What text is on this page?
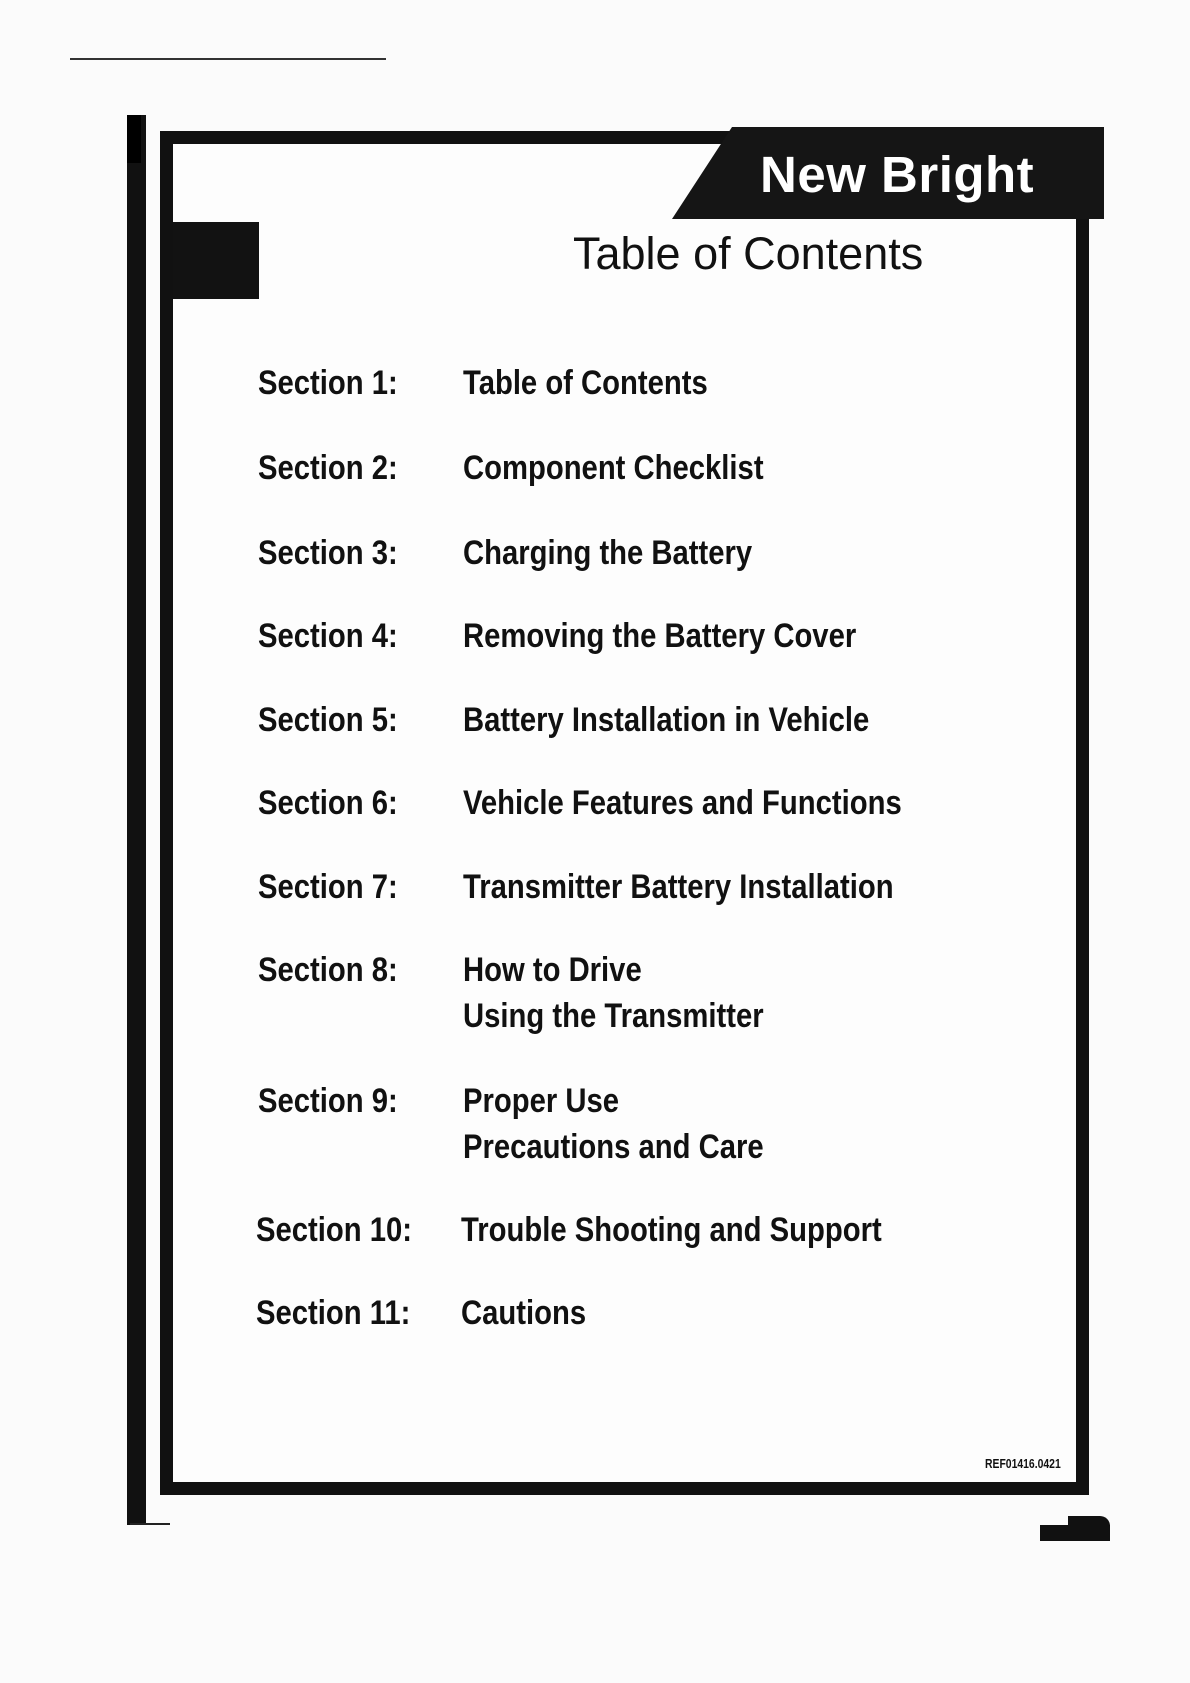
New Bright
Table of Contents
Section 1: Table of Contents
Section 2: Component Checklist
Section 3: Charging the Battery
Section 4: Removing the Battery Cover
Section 5: Battery Installation in Vehicle
Section 6: Vehicle Features and Functions
Section 7: Transmitter Battery Installation
Section 8: How to Drive
Using the Transmitter
Section 9: Proper Use
Precautions and Care
Section 10: Trouble Shooting and Support
Section 11: Cautions
REF01416.0421
